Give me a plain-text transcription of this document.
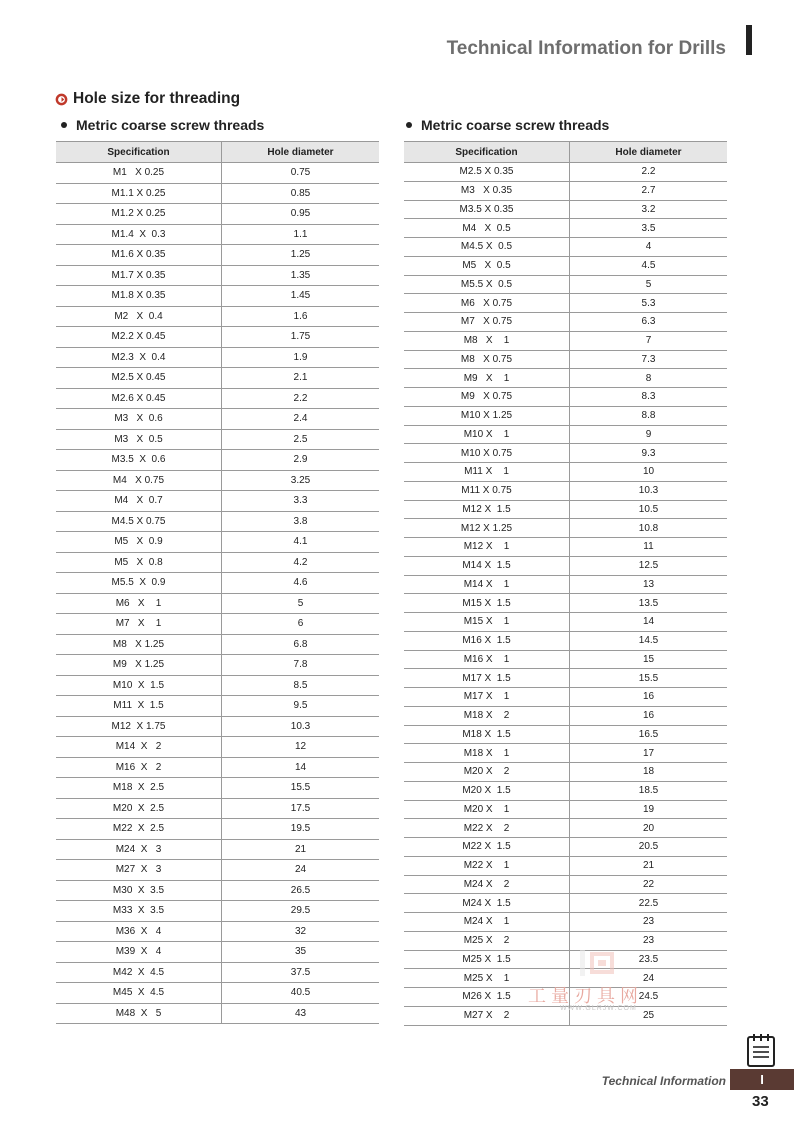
Technical Information for Drills
Hole size for threading
Metric coarse screw threads	Metric coarse screw threads
Specification	Hole diameter
M1   X 0.25	0.75
M1.1 X 0.25	0.85
M1.2 X 0.25	0.95
M1.4  X  0.3	1.1
M1.6 X 0.35	1.25
M1.7 X 0.35	1.35
M1.8 X 0.35	1.45
M2   X  0.4	1.6
M2.2 X 0.45	1.75
M2.3  X  0.4	1.9
M2.5 X 0.45	2.1
M2.6 X 0.45	2.2
M3   X  0.6	2.4
M3   X  0.5	2.5
M3.5  X  0.6	2.9
M4   X 0.75	3.25
M4   X  0.7	3.3
M4.5 X 0.75	3.8
M5   X  0.9	4.1
M5   X  0.8	4.2
M5.5  X  0.9	4.6
M6   X    1	5
M7   X    1	6
M8   X 1.25	6.8
M9   X 1.25	7.8
M10  X  1.5	8.5
M11  X  1.5	9.5
M12  X 1.75	10.3
M14  X   2	12
M16  X   2	14
M18  X  2.5	15.5
M20  X  2.5	17.5
M22  X  2.5	19.5
M24  X   3	21
M27  X   3	24
M30  X  3.5	26.5
M33  X  3.5	29.5
M36  X   4	32
M39  X   4	35
M42  X  4.5	37.5
M45  X  4.5	40.5
M48  X   5	43
Specification	Hole diameter
M2.5 X 0.35	2.2
M3   X 0.35	2.7
M3.5 X 0.35	3.2
M4   X  0.5	3.5
M4.5 X  0.5	4
M5   X  0.5	4.5
M5.5 X  0.5	5
M6   X 0.75	5.3
M7   X 0.75	6.3
M8   X    1	7
M8   X 0.75	7.3
M9   X    1	8
M9   X 0.75	8.3
M10 X 1.25	8.8
M10 X    1	9
M10 X 0.75	9.3
M11 X    1	10
M11 X 0.75	10.3
M12 X  1.5	10.5
M12 X 1.25	10.8
M12 X    1	11
M14 X  1.5	12.5
M14 X    1	13
M15 X  1.5	13.5
M15 X    1	14
M16 X  1.5	14.5
M16 X    1	15
M17 X  1.5	15.5
M17 X    1	16
M18 X    2	16
M18 X  1.5	16.5
M18 X    1	17
M20 X    2	18
M20 X  1.5	18.5
M20 X    1	19
M22 X    2	20
M22 X  1.5	20.5
M22 X    1	21
M24 X    2	22
M24 X  1.5	22.5
M24 X    1	23
M25 X    2	23
M25 X  1.5	23.5
M25 X    1	24
M26 X  1.5	24.5
M27 X    2	25
工量刃具网
WWW.GLRJW.COM
Technical Information	I
33
